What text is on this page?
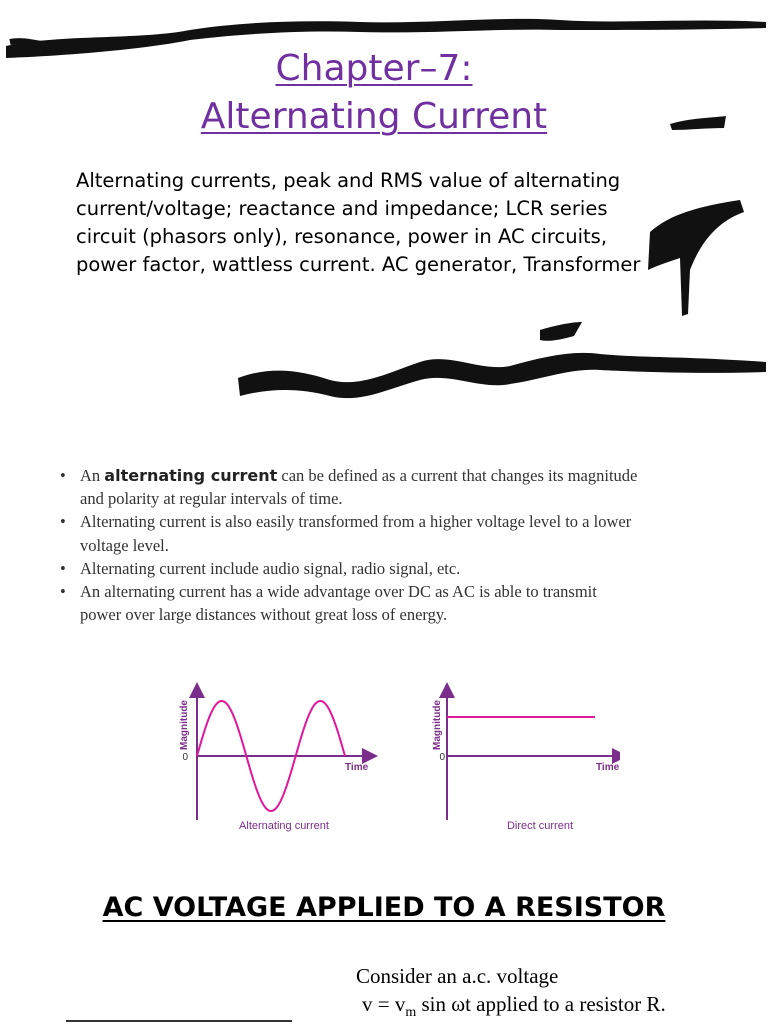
Chapter–7:
Alternating Current
Alternating currents, peak and RMS value of alternating
current/voltage; reactance and impedance; LCR series
circuit (phasors only), resonance, power in AC circuits,
power factor, wattless current. AC generator, Transformer
• An alternating current can be defined as a current that changes its magnitude
and polarity at regular intervals of time.
• Alternating current is also easily transformed from a higher voltage level to a lower
voltage level.
• Alternating current include audio signal, radio signal, etc.
• An alternating current has a wide advantage over DC as AC is able to transmit
power over large distances without great loss of energy.
0
Magnitude
Time
Alternating current
0
Magnitude
Time
Direct current
AC VOLTAGE APPLIED TO A RESISTOR
Consider an a.c. voltage
$v = v_m$ sin ωt applied to a resistor R.
